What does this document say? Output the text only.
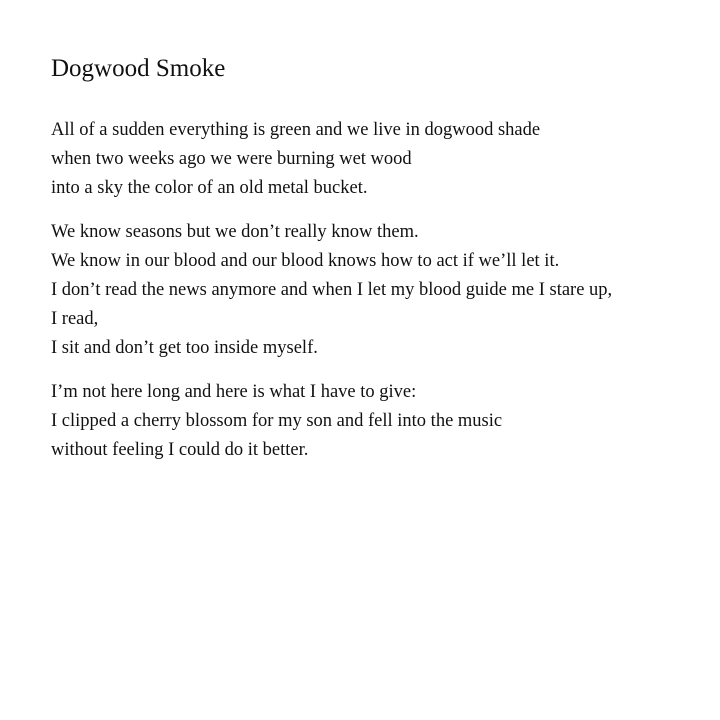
Dogwood Smoke
All of a sudden everything is green and we live in dogwood shade
when two weeks ago we were burning wet wood
into a sky the color of an old metal bucket.
We know seasons but we don’t really know them.
We know in our blood and our blood knows how to act if we’ll let it.
I don’t read the news anymore and when I let my blood guide me I stare up,
I read,
I sit and don’t get too inside myself.
I’m not here long and here is what I have to give:
I clipped a cherry blossom for my son and fell into the music
without feeling I could do it better.
